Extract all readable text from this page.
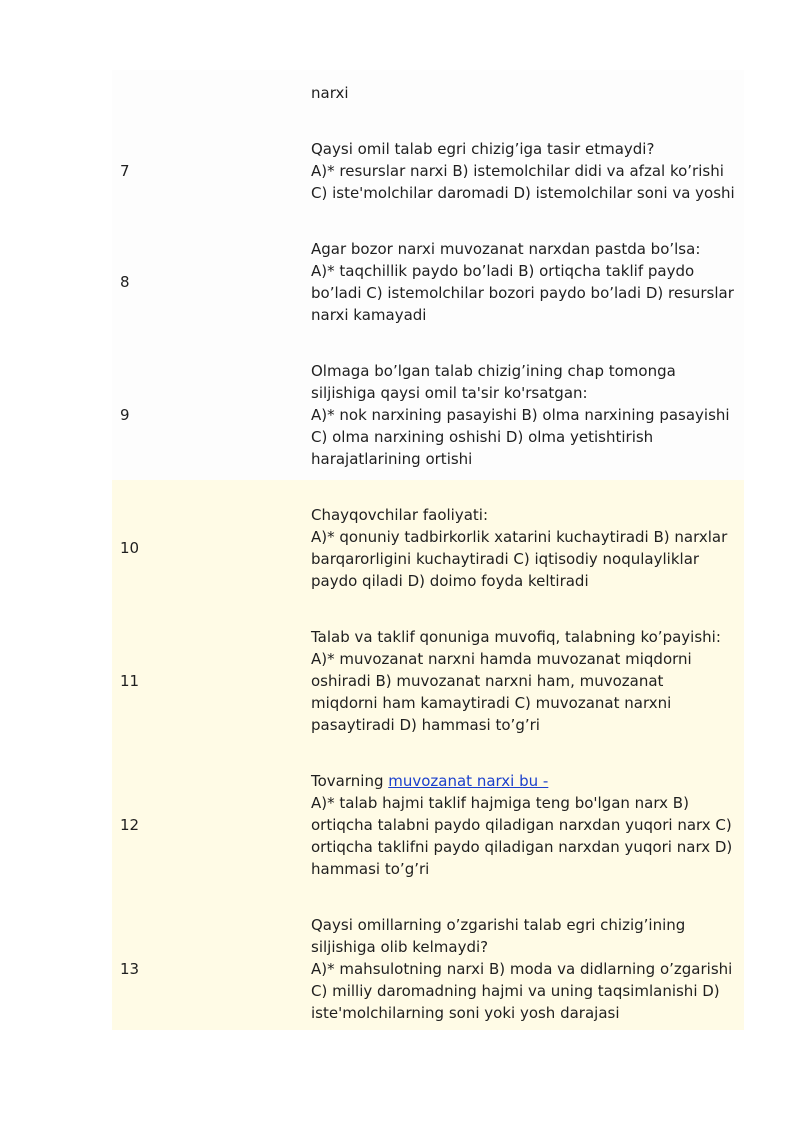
narxi
7

Qaysi omil talab egri chizig’iga tasir etmaydi?

A)* resurslar narxi B) istemolchilar didi va afzal ko’rishi

C) iste'molchilar daromadi D) istemolchilar soni va yoshi

8

Agar bozor narxi muvozanat narxdan pastda bo’lsa:

A)* taqchillik paydo bo’ladi B) ortiqcha taklif paydo

bo’ladi C) istemolchilar bozori paydo bo’ladi D) resurslar

narxi kamayadi

9

Olmaga bo’lgan talab chizig’ining chap tomonga

siljishiga qaysi omil ta'sir ko'rsatgan:

A)* nok narxining pasayishi B) olma narxining pasayishi

C) olma narxining oshishi D) olma yetishtirish

harajatlarining ortishi

10

Chayqovchilar faoliyati:

A)* qonuniy tadbirkorlik xatarini kuchaytiradi B) narxlar

barqarorligini kuchaytiradi C) iqtisodiy noqulayliklar

paydo qiladi D) doimo foyda keltiradi

11

Talab va taklif qonuniga muvofiq, talabning ko’payishi:

A)* muvozanat narxni hamda muvozanat miqdorni

oshiradi B) muvozanat narxni ham, muvozanat

miqdorni ham kamaytiradi C) muvozanat narxni

pasaytiradi D) hammasi to’g’ri

12

Tovarning muvozanat narxi bu -

A)* talab hajmi taklif hajmiga teng bo'lgan narx B)

ortiqcha talabni paydo qiladigan narxdan yuqori narx C)

ortiqcha taklifni paydo qiladigan narxdan yuqori narx D)

hammasi to’g’ri

13

Qaysi omillarning o’zgarishi talab egri chizig’ining

siljishiga olib kelmaydi?

A)* mahsulotning narxi B) moda va didlarning o’zgarishi

C) milliy daromadning hajmi va uning taqsimlanishi D)

iste'molchilarning soni yoki yosh darajasi
